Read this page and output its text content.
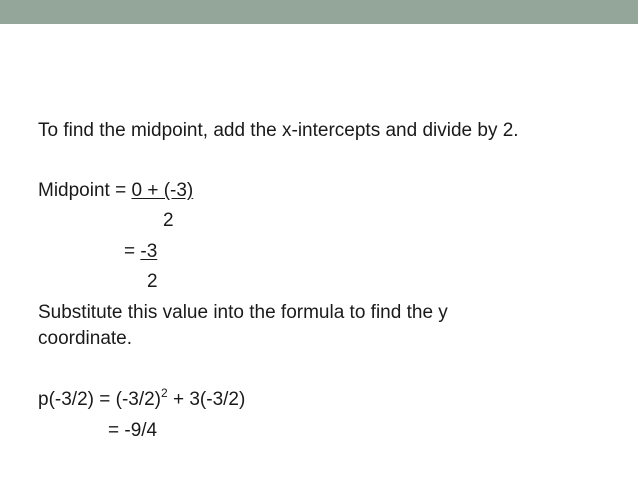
To find the midpoint, add the x-intercepts and divide by 2.
Midpoint = 0 + (-3)
2
= -3
2
Substitute this value into the formula to find the y
coordinate.
$p(-3/2) = (-3/2)^2 + 3(-3/2)$
= -9/4
